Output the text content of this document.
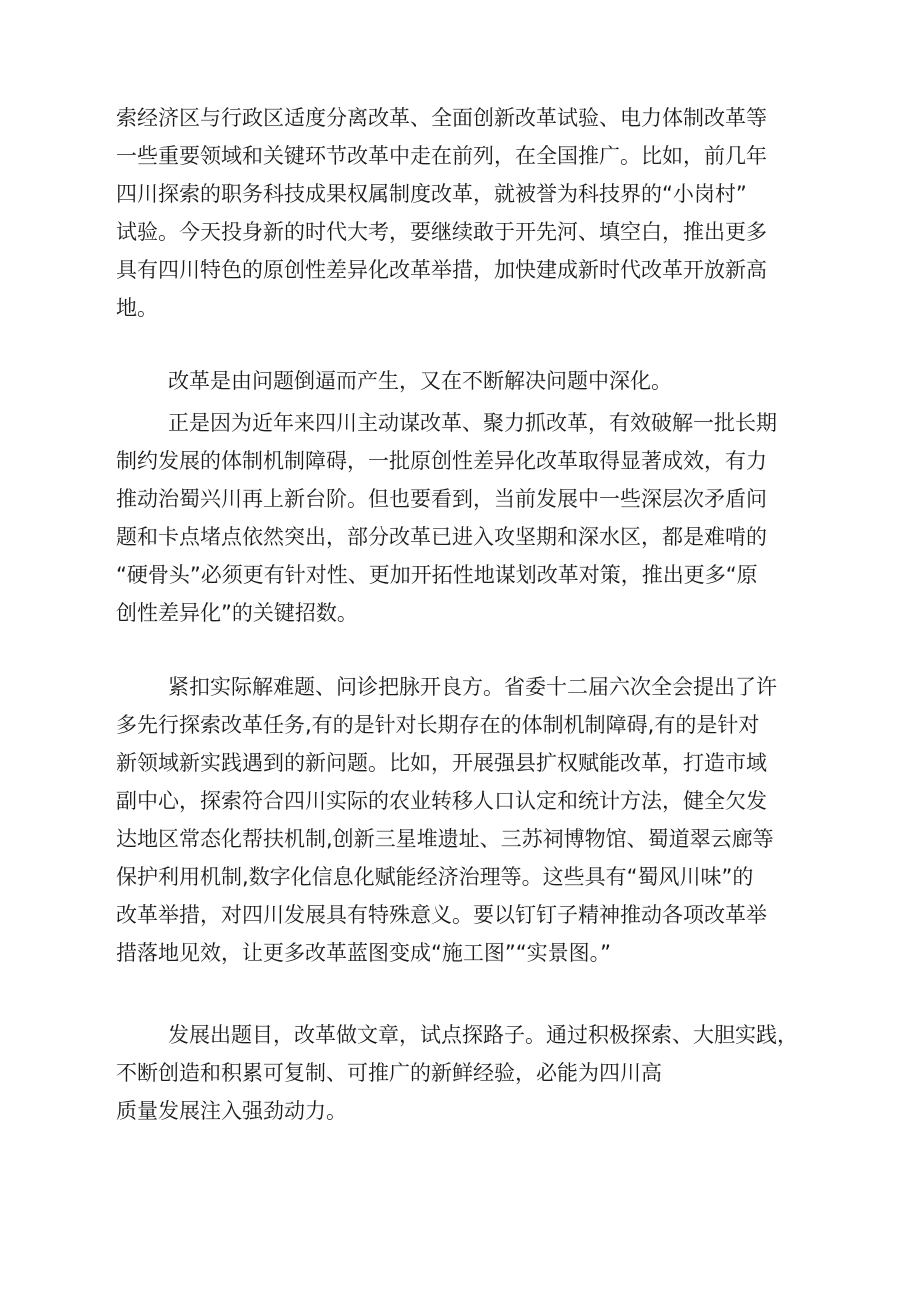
索经济区与行政区适度分离改革、全面创新改革试验、电力体制改革等
一些重要领域和关键环节改革中走在前列，在全国推广。比如，前几年
四川探索的职务科技成果权属制度改革，就被誉为科技界的“小岗村”
试验。今天投身新的时代大考，要继续敢于开先河、填空白，推出更多
具有四川特色的原创性差异化改革举措，加快建成新时代改革开放新高
地。
改革是由问题倒逼而产生，又在不断解决问题中深化。
正是因为近年来四川主动谋改革、聚力抓改革，有效破解一批长期
制约发展的体制机制障碍，一批原创性差异化改革取得显著成效，有力
推动治蜀兴川再上新台阶。但也要看到，当前发展中一些深层次矛盾问
题和卡点堵点依然突出，部分改革已进入攻坚期和深水区，都是难啃的
“硬骨头”必须更有针对性、更加开拓性地谋划改革对策，推出更多“原
创性差异化”的关键招数。
紧扣实际解难题、问诊把脉开良方。省委十二届六次全会提出了许
多先行探索改革任务,有的是针对长期存在的体制机制障碍,有的是针对
新领域新实践遇到的新问题。比如，开展强县扩权赋能改革，打造市域
副中心，探索符合四川实际的农业转移人口认定和统计方法，健全欠发
达地区常态化帮扶机制,创新三星堆遗址、三苏祠博物馆、蜀道翠云廊等
保护利用机制,数字化信息化赋能经济治理等。这些具有“蜀风川味”的
改革举措，对四川发展具有特殊意义。要以钉钉子精神推动各项改革举
措落地见效，让更多改革蓝图变成“施工图”“实景图。”
发展出题目，改革做文章，试点探路子。通过积极探索、大胆实践，
不断创造和积累可复制、可推广的新鲜经验，必能为四川高
质量发展注入强劲动力。
